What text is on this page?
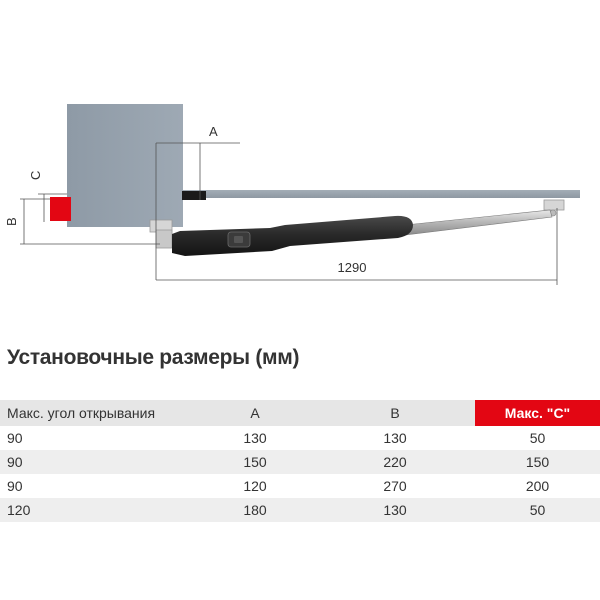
A
C
B
1290
Установочные размеры (мм)
Макс. угол открывания	A	B	Макс. "C"
90	130	130	50
90	150	220	150
90	120	270	200
120	180	130	50
